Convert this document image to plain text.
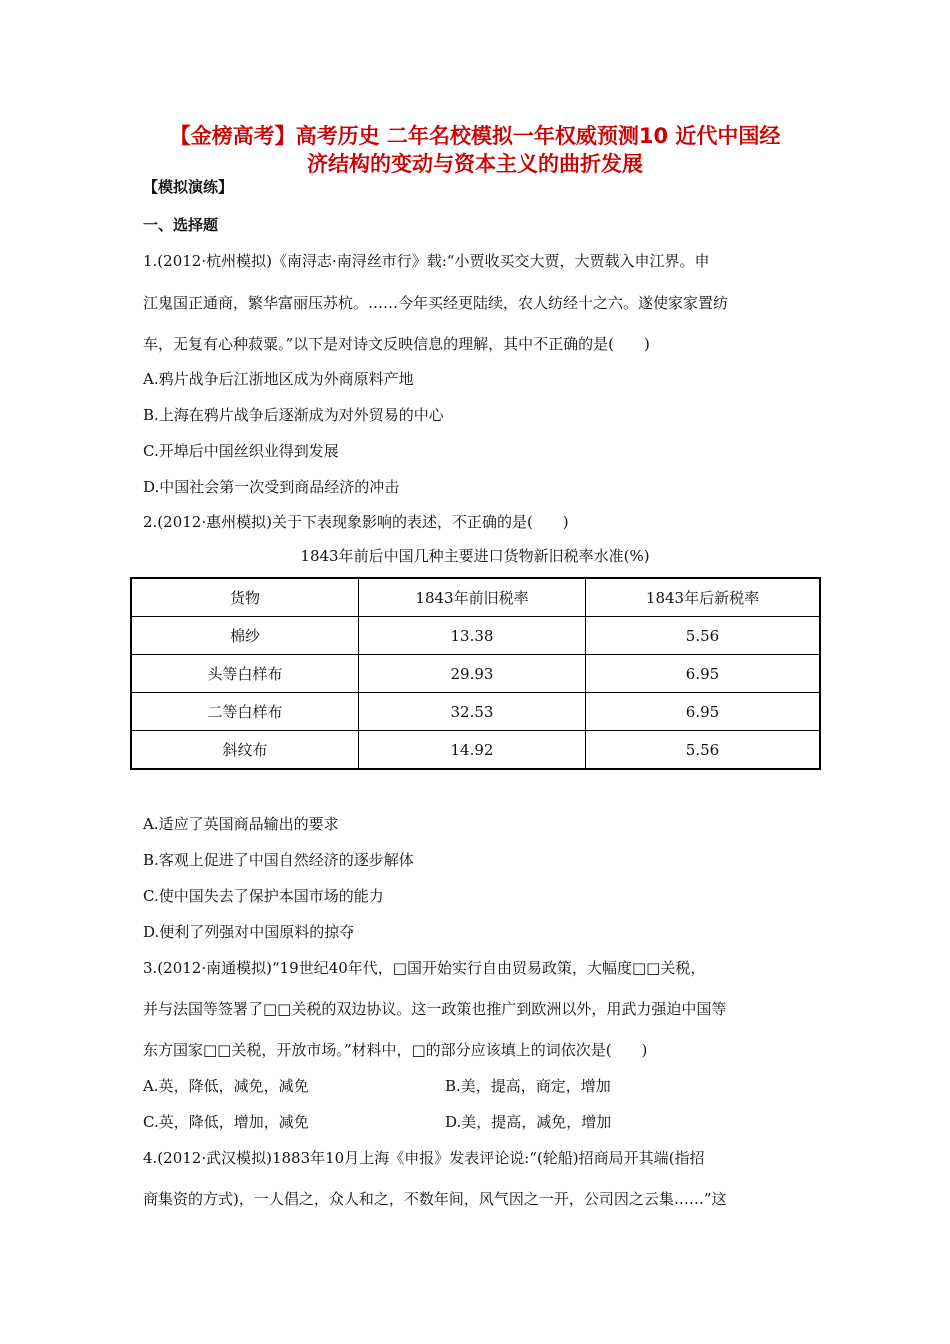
【金榜高考】高考历史 二年名校模拟一年权威预测10 近代中国经
济结构的变动与资本主义的曲折发展
【模拟演练】
一、选择题
1.(2012·杭州模拟)《南浔志·南浔丝市行》载:“小贾收买交大贾，大贾载入申江界。申
江鬼国正通商，繁华富丽压苏杭。……今年买经更陆续，农人纺经十之六。遂使家家置纺
车，无复有心种菽粟。”以下是对诗文反映信息的理解，其中不正确的是(　　)
A.鸦片战争后江浙地区成为外商原料产地
B.上海在鸦片战争后逐渐成为对外贸易的中心
C.开埠后中国丝织业得到发展
D.中国社会第一次受到商品经济的冲击
2.(2012·惠州模拟)关于下表现象影响的表述，不正确的是(　　)
1843年前后中国几种主要进口货物新旧税率水准(%)
货物	1843年前旧税率	1843年后新税率
棉纱	13.38	5.56
头等白样布	29.93	6.95
二等白样布	32.53	6.95
斜纹布	14.92	5.56
A.适应了英国商品输出的要求
B.客观上促进了中国自然经济的逐步解体
C.使中国失去了保护本国市场的能力
D.便利了列强对中国原料的掠夺
3.(2012·南通模拟)“19世纪40年代，□国开始实行自由贸易政策，大幅度□□关税，
并与法国等签署了□□关税的双边协议。这一政策也推广到欧洲以外，用武力强迫中国等
东方国家□□关税，开放市场。”材料中，□的部分应该填上的词依次是(　　)
A.英，降低，减免，减免	B.美，提高，商定，增加
C.英，降低，增加，减免	D.美，提高，减免，增加
4.(2012·武汉模拟)1883年10月上海《申报》发表评论说:“(轮船)招商局开其端(指招
商集资的方式)，一人倡之，众人和之，不数年间，风气因之一开，公司因之云集……”这
